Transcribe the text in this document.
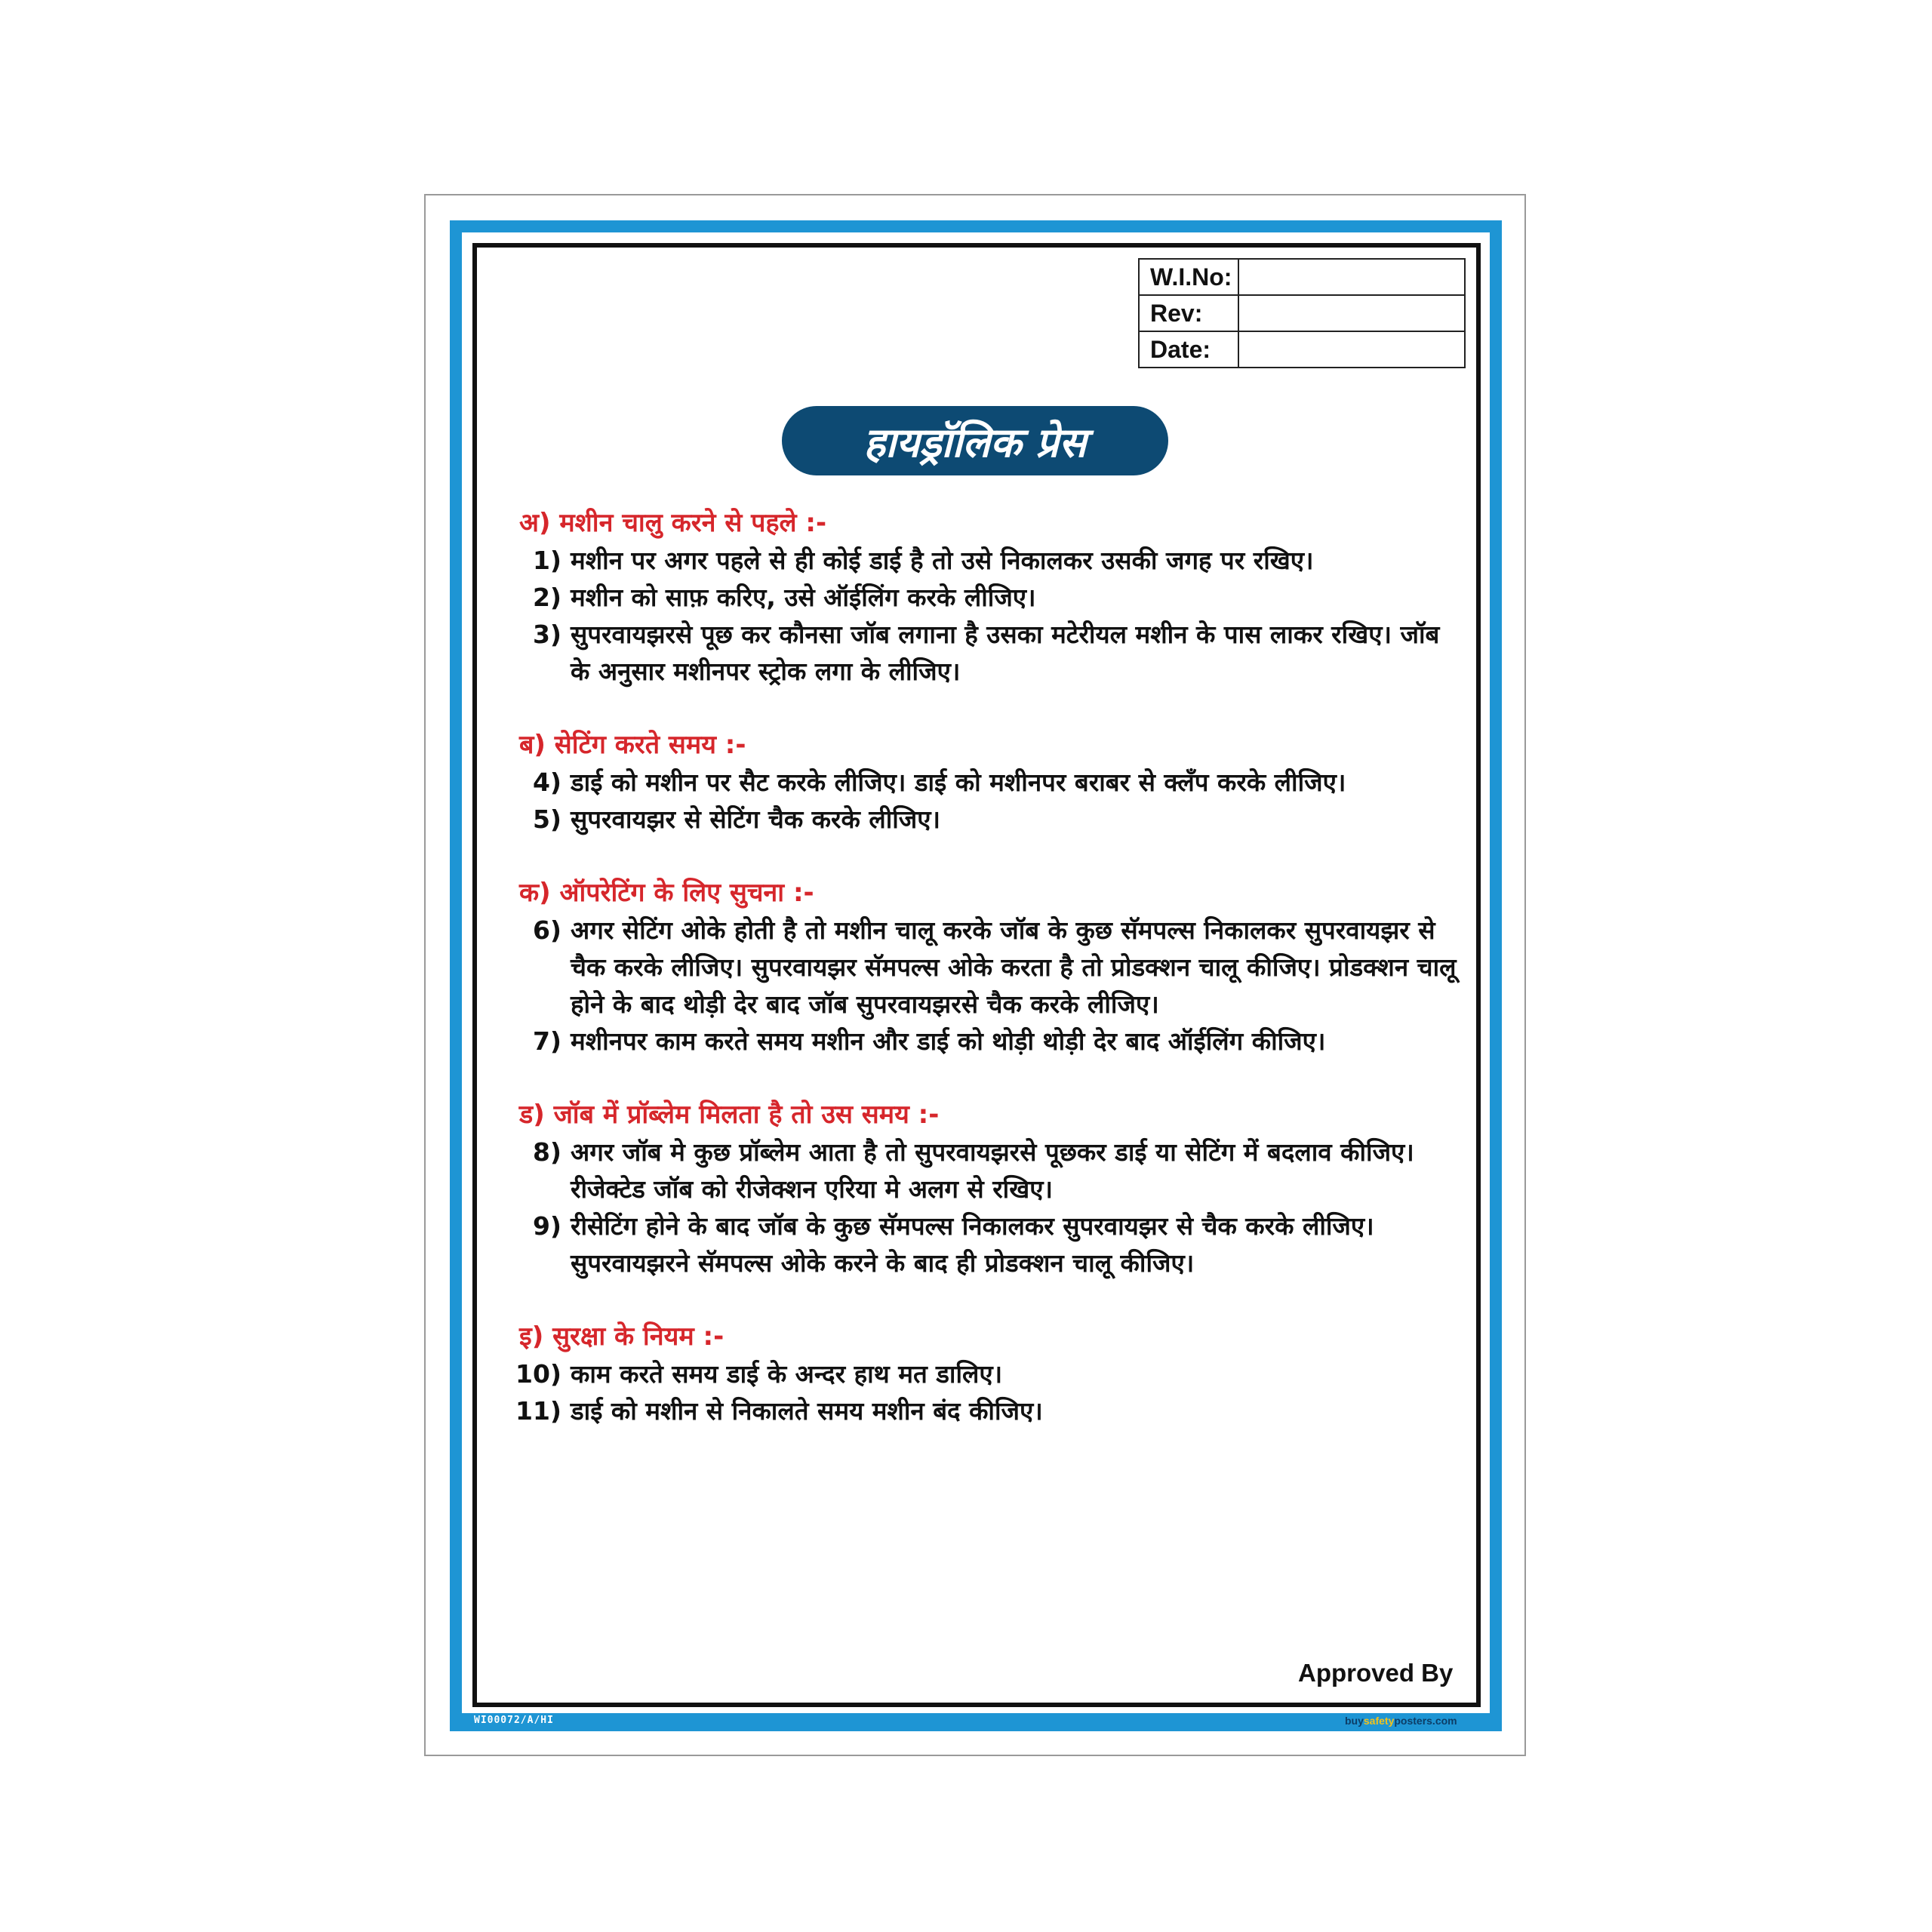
W.I.No:	
Rev:	
Date:	
हायड्रॉलिक प्रेस
अ) मशीन चालु करने से पहले :-
1) मशीन पर अगर पहले से ही कोई डाई है तो उसे निकालकर उसकी जगह पर रखिए।
2) मशीन को साफ़ करिए, उसे ऑईलिंग करके लीजिए।
3) सुपरवायझरसे पूछ कर कौनसा जॉब लगाना है उसका मटेरीयल मशीन के पास लाकर रखिए। जॉब के अनुसार मशीनपर स्ट्रोक लगा के लीजिए।
ब) सेटिंग करते समय :-
4) डाई को मशीन पर सैट करके लीजिए। डाई को मशीनपर बराबर से क्लँप करके लीजिए।
5) सुपरवायझर से सेटिंग चैक करके लीजिए।
क) ऑपरेटिंग के लिए सुचना :-
6) अगर सेटिंग ओके होती है तो मशीन चालू करके जॉब के कुछ सॅमपल्स निकालकर सुपरवायझर से चैक करके लीजिए। सुपरवायझर सॅमपल्स ओके करता है तो प्रोडक्शन चालू कीजिए। प्रोडक्शन चालू होने के बाद थोड़ी देर बाद जॉब सुपरवायझरसे चैक करके लीजिए।
7) मशीनपर काम करते समय मशीन और डाई को थोड़ी थोड़ी देर बाद ऑईलिंग कीजिए।
ड) जॉब में प्रॉब्लेम मिलता है तो उस समय :-
8) अगर जॉब मे कुछ प्रॉब्लेम आता है तो सुपरवायझरसे पूछकर डाई या सेटिंग में बदलाव कीजिए। रीजेक्टेड जॉब को रीजेक्शन एरिया मे अलग से रखिए।
9) रीसेटिंग होने के बाद जॉब के कुछ सॅमपल्स निकालकर सुपरवायझर से चैक करके लीजिए। सुपरवायझरने सॅमपल्स ओके करने के बाद ही प्रोडक्शन चालू कीजिए।
इ) सुरक्षा के नियम :-
10) काम करते समय डाई के अन्दर हाथ मत डालिए।
11) डाई को मशीन से निकालते समय मशीन बंद कीजिए।
Approved By
WI00072/A/HI	buysafetyposters.com
COPYRIGHT PROTECTED
